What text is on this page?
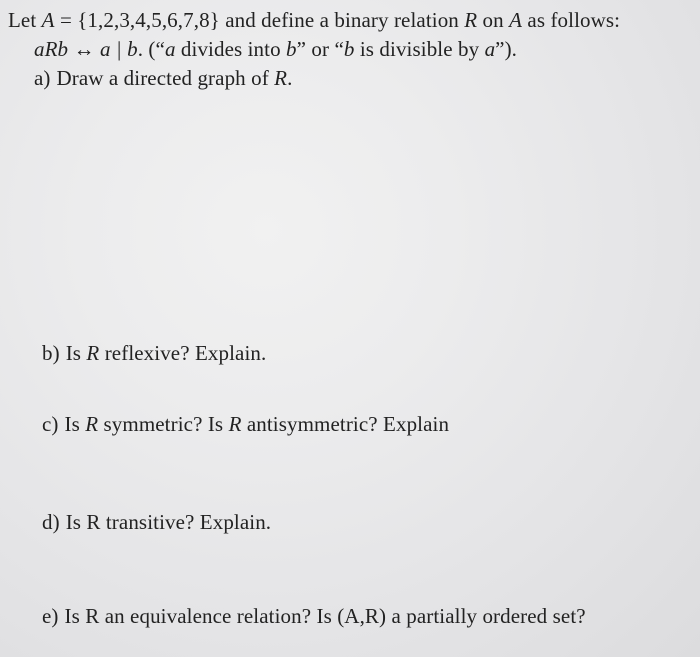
Let A = {1,2,3,4,5,6,7,8} and define a binary relation R on A as follows:
aRb ↔ a | b. (“a divides into b” or “b is divisible by a”).
a) Draw a directed graph of R.
b) Is R reflexive? Explain.
c) Is R symmetric? Is R antisymmetric? Explain
d) Is R transitive? Explain.
e) Is R an equivalence relation? Is (A,R) a partially ordered set?
